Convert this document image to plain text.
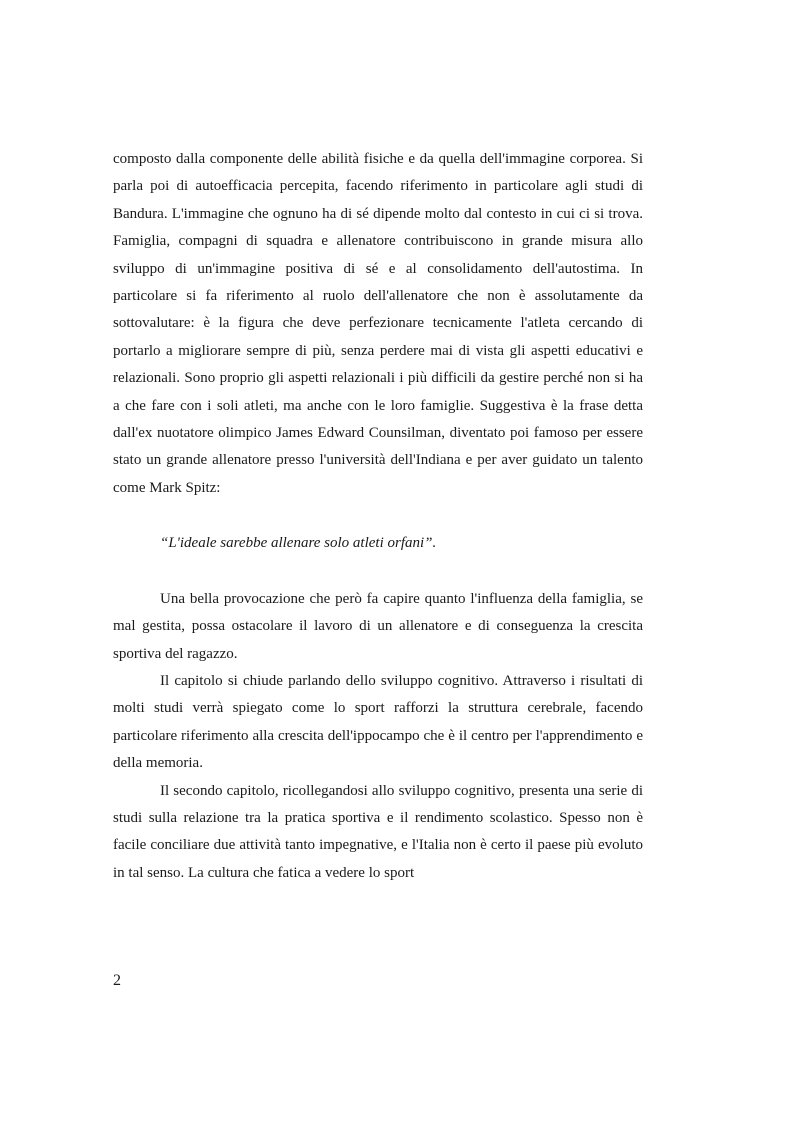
composto dalla componente delle abilità fisiche e da quella dell'immagine corporea. Si parla poi di autoefficacia percepita, facendo riferimento in particolare agli studi di Bandura. L'immagine che ognuno ha di sé dipende molto dal contesto in cui ci si trova. Famiglia, compagni di squadra e allenatore contribuiscono in grande misura allo sviluppo di un'immagine positiva di sé e al consolidamento dell'autostima. In particolare si fa riferimento al ruolo dell'allenatore che non è assolutamente da sottovalutare: è la figura che deve perfezionare tecnicamente l'atleta cercando di portarlo a migliorare sempre di più, senza perdere mai di vista gli aspetti educativi e relazionali. Sono proprio gli aspetti relazionali i più difficili da gestire perché non si ha a che fare con i soli atleti, ma anche con le loro famiglie. Suggestiva è la frase detta dall'ex nuotatore olimpico James Edward Counsilman, diventato poi famoso per essere stato un grande allenatore presso l'università dell'Indiana e per aver guidato un talento come Mark Spitz:

“L'ideale sarebbe allenare solo atleti orfani”.

Una bella provocazione che però fa capire quanto l'influenza della famiglia, se mal gestita, possa ostacolare il lavoro di un allenatore e di conseguenza la crescita sportiva del ragazzo.

Il capitolo si chiude parlando dello sviluppo cognitivo. Attraverso i risultati di molti studi verrà spiegato come lo sport rafforzi la struttura cerebrale, facendo particolare riferimento alla crescita dell'ippocampo che è il centro per l'apprendimento e della memoria.

Il secondo capitolo, ricollegandosi allo sviluppo cognitivo, presenta una serie di studi sulla relazione tra la pratica sportiva e il rendimento scolastico. Spesso non è facile conciliare due attività tanto impegnative, e l'Italia non è certo il paese più evoluto in tal senso. La cultura che fatica a vedere lo sport

2
